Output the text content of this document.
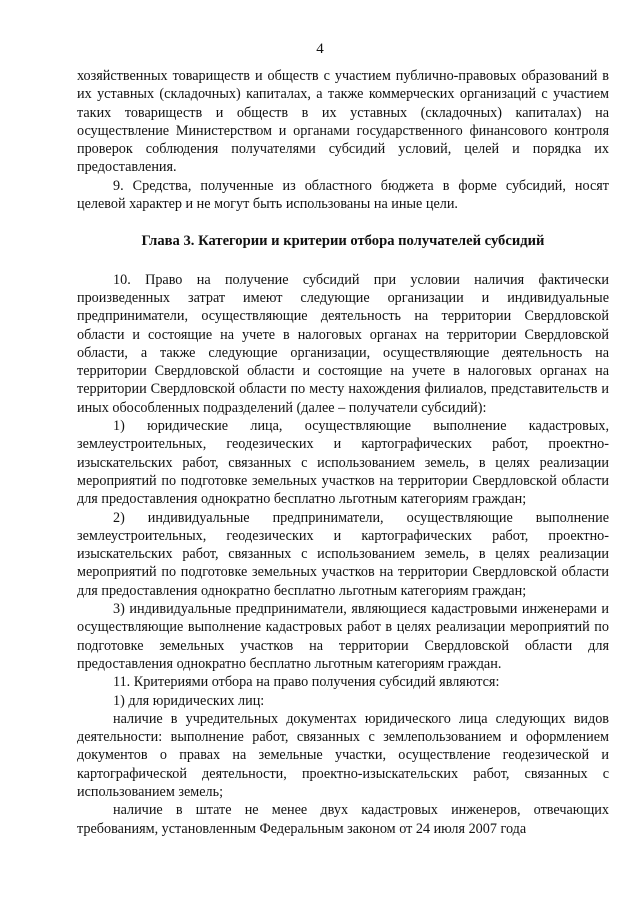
4

хозяйственных товариществ и обществ с участием публично-правовых образований в их уставных (складочных) капиталах, а также коммерческих организаций с участием таких товариществ и обществ в их уставных (складочных) капиталах) на осуществление Министерством и органами государственного финансового контроля проверок соблюдения получателями субсидий условий, целей и порядка их предоставления.

9. Средства, полученные из областного бюджета в форме субсидий, носят целевой характер и не могут быть использованы на иные цели.

Глава 3. Категории и критерии отбора получателей субсидий

10. Право на получение субсидий при условии наличия фактически произведенных затрат имеют следующие организации и индивидуальные предприниматели, осуществляющие деятельность на территории Свердловской области и состоящие на учете в налоговых органах на территории Свердловской области, а также следующие организации, осуществляющие деятельность на территории Свердловской области и состоящие на учете в налоговых органах на территории Свердловской области по месту нахождения филиалов, представительств и иных обособленных подразделений (далее – получатели субсидий):

1) юридические лица, осуществляющие выполнение кадастровых, землеустроительных, геодезических и картографических работ, проектно-изыскательских работ, связанных с использованием земель, в целях реализации мероприятий по подготовке земельных участков на территории Свердловской области для предоставления однократно бесплатно льготным категориям граждан;

2) индивидуальные предприниматели, осуществляющие выполнение землеустроительных, геодезических и картографических работ, проектно-изыскательских работ, связанных с использованием земель, в целях реализации мероприятий по подготовке земельных участков на территории Свердловской области для предоставления однократно бесплатно льготным категориям граждан;

3) индивидуальные предприниматели, являющиеся кадастровыми инженерами и осуществляющие выполнение кадастровых работ в целях реализации мероприятий по подготовке земельных участков на территории Свердловской области для предоставления однократно бесплатно льготным категориям граждан.

11. Критериями отбора на право получения субсидий являются:

1) для юридических лиц:

наличие в учредительных документах юридического лица следующих видов деятельности: выполнение работ, связанных с землепользованием и оформлением документов о правах на земельные участки, осуществление геодезической и картографической деятельности, проектно-изыскательских работ, связанных с использованием земель;

наличие в штате не менее двух кадастровых инженеров, отвечающих требованиям, установленным Федеральным законом от 24 июля 2007 года
